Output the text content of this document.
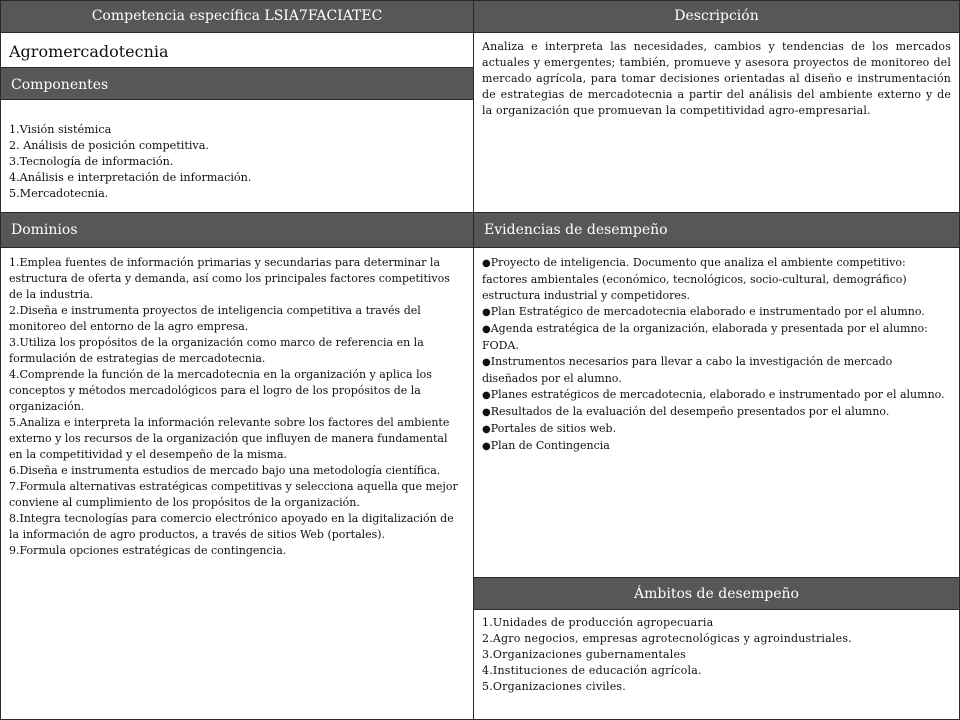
Competencia específica LSIA7FACIATEC	Descripción
Agromercadotecnia
Componentes
1.Visión sistémica
2. Análisis de posición competitiva.
3.Tecnología de información.
4.Análisis e interpretación de información.
5.Mercadotecnia.
Analiza e interpreta las necesidades, cambios y tendencias de los mercados actuales y emergentes; también, promueve y asesora proyectos de monitoreo del mercado agrícola, para tomar decisiones orientadas al diseño e instrumentación de estrategias de mercadotecnia a partir del análisis del ambiente externo y de la organización que promuevan la competitividad agro-empresarial.
Dominios	Evidencias de desempeño
1.Emplea fuentes de información primarias y secundarias para determinar la estructura de oferta y demanda, así como los principales factores competitivos de la industria.
2.Diseña e instrumenta proyectos de inteligencia competitiva a través del monitoreo del entorno de la agro empresa.
3.Utiliza los propósitos de la organización como marco de referencia en la formulación de estrategias de mercadotecnia.
4.Comprende la función de la mercadotecnia en la organización y aplica los conceptos y métodos mercadológicos para el logro de los propósitos de la organización.
5.Analiza e interpreta la información relevante sobre los factores del ambiente externo y los recursos de la organización que influyen de manera fundamental en la competitividad y el desempeño de la misma.
6.Diseña e instrumenta estudios de mercado bajo una metodología científica.
7.Formula alternativas estratégicas competitivas y selecciona aquella que mejor conviene al cumplimiento de los propósitos de la organización.
8.Integra tecnologías para comercio electrónico apoyado en la digitalización de la información de agro productos, a través de sitios Web (portales).
9.Formula opciones estratégicas de contingencia.
●Proyecto de inteligencia. Documento que analiza el ambiente competitivo: factores ambientales (económico, tecnológicos, socio-cultural, demográfico) estructura industrial y competidores.
●Plan Estratégico de mercadotecnia elaborado e instrumentado por el alumno.
●Agenda estratégica de la organización, elaborada y presentada por el alumno: FODA.
●Instrumentos necesarios para llevar a cabo la investigación de mercado diseñados por el alumno.
●Planes estratégicos de mercadotecnia, elaborado e instrumentado por el alumno.
●Resultados de la evaluación del desempeño presentados por el alumno.
●Portales de sitios web.
●Plan de Contingencia
Ámbitos de desempeño
1.Unidades de producción agropecuaria
2.Agro negocios, empresas agrotecnológicas y agroindustriales.
3.Organizaciones gubernamentales
4.Instituciones de educación agrícola.
5.Organizaciones civiles.
